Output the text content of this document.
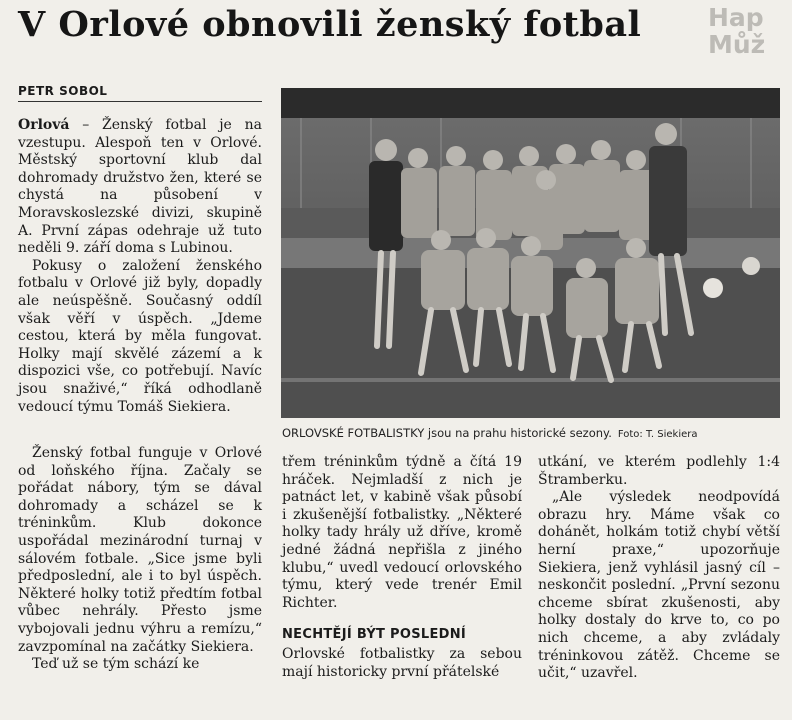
V Orlové obnovili ženský fotbal	Hap
Můž
PETR SOBOL

Orlová – Ženský fotbal je na vzestupu. Alespoň ten v Orlové. Městský sportovní klub dal dohromady družstvo žen, které se chystá na působení v Moravskoslezské divizi, skupině A. První zápas odehraje už tuto neděli 9. září doma s Lubinou.

Pokusy o založení ženského fotbalu v Orlové již byly, dopadly ale neúspěšně. Současný oddíl však věří v úspěch. „Jdeme cestou, která by měla fungovat. Holky mají skvělé zázemí a k dispozici vše, co potřebují. Navíc jsou snaživé,“ říká odhodlaně vedoucí týmu Tomáš Siekiera.

Ženský fotbal funguje v Orlové od loňského října. Začaly se pořádat nábory, tým se dával dohromady a scházel se k tréninkům. Klub dokonce uspořádal mezinárodní turnaj v sálovém fotbale. „Sice jsme byli předposlední, ale i to byl úspěch. Některé holky totiž předtím fotbal vůbec nehrály. Přesto jsme vybojovali jednu výhru a remízu,“ zavzpomínal na začátky Siekiera.

Teď už se tým schází ke

ORLOVSKÉ FOTBALISTKY jsou na prahu historické sezony. Foto: T. Siekiera

třem tréninkům týdně a čítá 19 hráček. Nejmladší z nich je patnáct let, v kabině však působí i zkušenější fotbalistky. „Některé holky tady hrály už dříve, kromě jedné žádná nepřišla z jiného klubu,“ uvedl vedoucí orlovského týmu, který vede trenér Emil Richter.

NECHTĚJÍ BÝT POSLEDNÍ

Orlovské fotbalistky za sebou mají historicky první přátelské

utkání, ve kterém podlehly 1:4 Štramberku.

„Ale výsledek neodpovídá obrazu hry. Máme však co dohánět, holkám totiž chybí větší herní praxe,“ upozorňuje Siekiera, jenž vyhlásil jasný cíl – neskončit poslední. „První sezonu chceme sbírat zkušenosti, aby holky dostaly do krve to, co po nich chceme, a aby zvládaly tréninkovou zátěž. Chceme se učit,“ uzavřel.
